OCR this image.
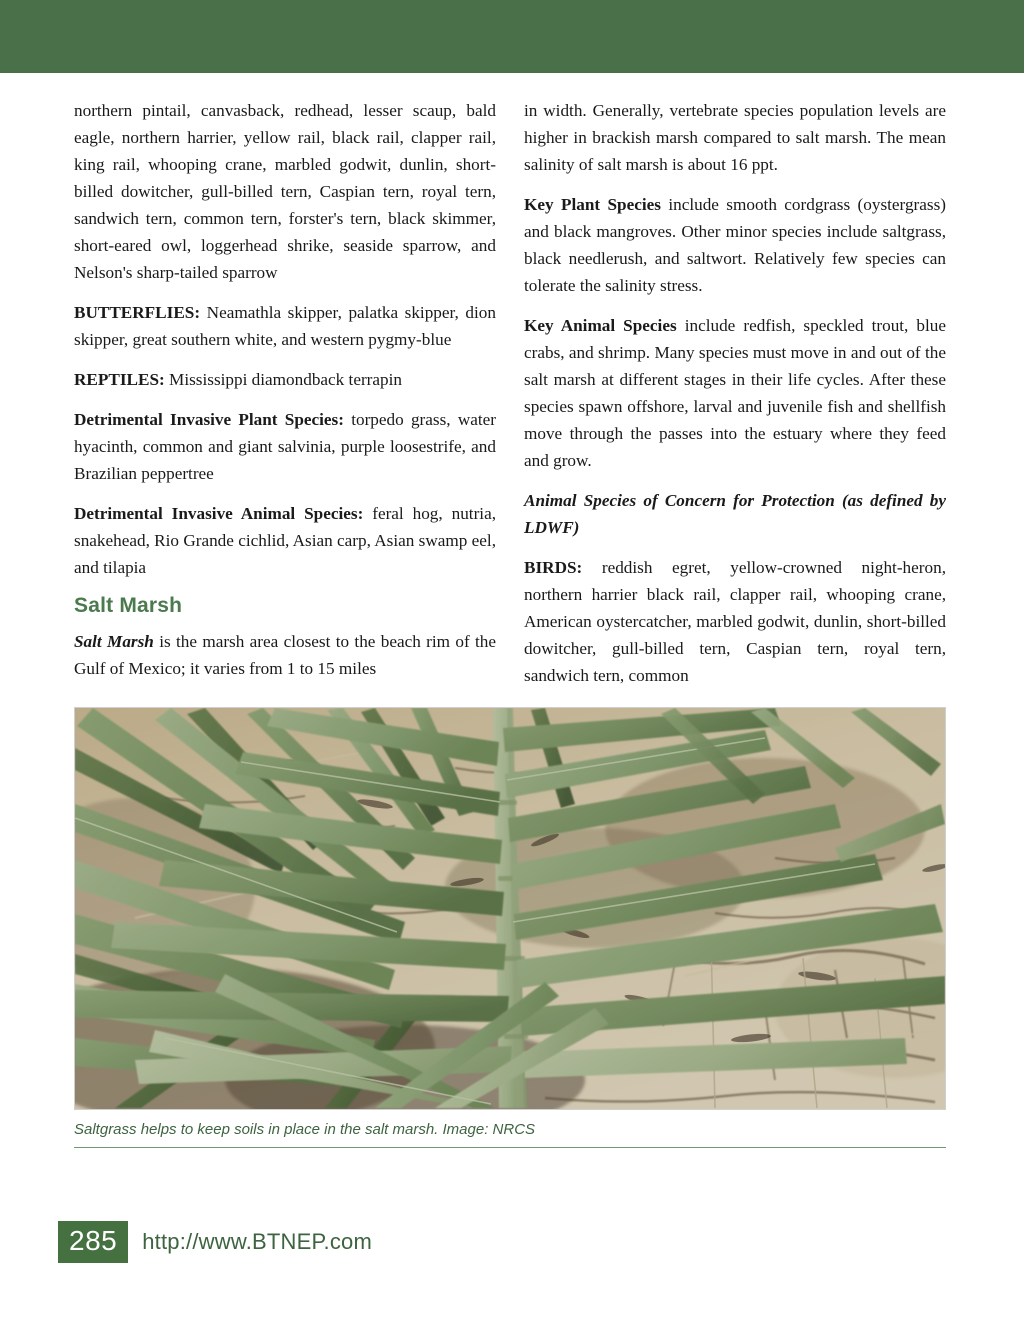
northern pintail, canvasback, redhead, lesser scaup, bald eagle, northern harrier, yellow rail, black rail, clapper rail, king rail, whooping crane, marbled godwit, dunlin, short-billed dowitcher, gull-billed tern, Caspian tern, royal tern, sandwich tern, common tern, forster's tern, black skimmer, short-eared owl, loggerhead shrike, seaside sparrow, and Nelson's sharp-tailed sparrow

BUTTERFLIES: Neamathla skipper, palatka skipper, dion skipper, great southern white, and western pygmy-blue

REPTILES: Mississippi diamondback terrapin

Detrimental Invasive Plant Species: torpedo grass, water hyacinth, common and giant salvinia, purple loosestrife, and Brazilian peppertree

Detrimental Invasive Animal Species: feral hog, nutria, snakehead, Rio Grande cichlid, Asian carp, Asian swamp eel, and tilapia

Salt Marsh

Salt Marsh is the marsh area closest to the beach rim of the Gulf of Mexico; it varies from 1 to 15 miles

in width. Generally, vertebrate species population levels are higher in brackish marsh compared to salt marsh. The mean salinity of salt marsh is about 16 ppt.

Key Plant Species include smooth cordgrass (oystergrass) and black mangroves. Other minor species include saltgrass, black needlerush, and saltwort. Relatively few species can tolerate the salinity stress.

Key Animal Species include redfish, speckled trout, blue crabs, and shrimp. Many species must move in and out of the salt marsh at different stages in their life cycles. After these species spawn offshore, larval and juvenile fish and shellfish move through the passes into the estuary where they feed and grow.

Animal Species of Concern for Protection (as defined by LDWF)

BIRDS: reddish egret, yellow-crowned night-heron, northern harrier black rail, clapper rail, whooping crane, American oystercatcher, marbled godwit, dunlin, short-billed dowitcher, gull-billed tern, Caspian tern, royal tern, sandwich tern, common

Saltgrass helps to keep soils in place in the salt marsh. Image: NRCS
285	http://www.BTNEP.com
